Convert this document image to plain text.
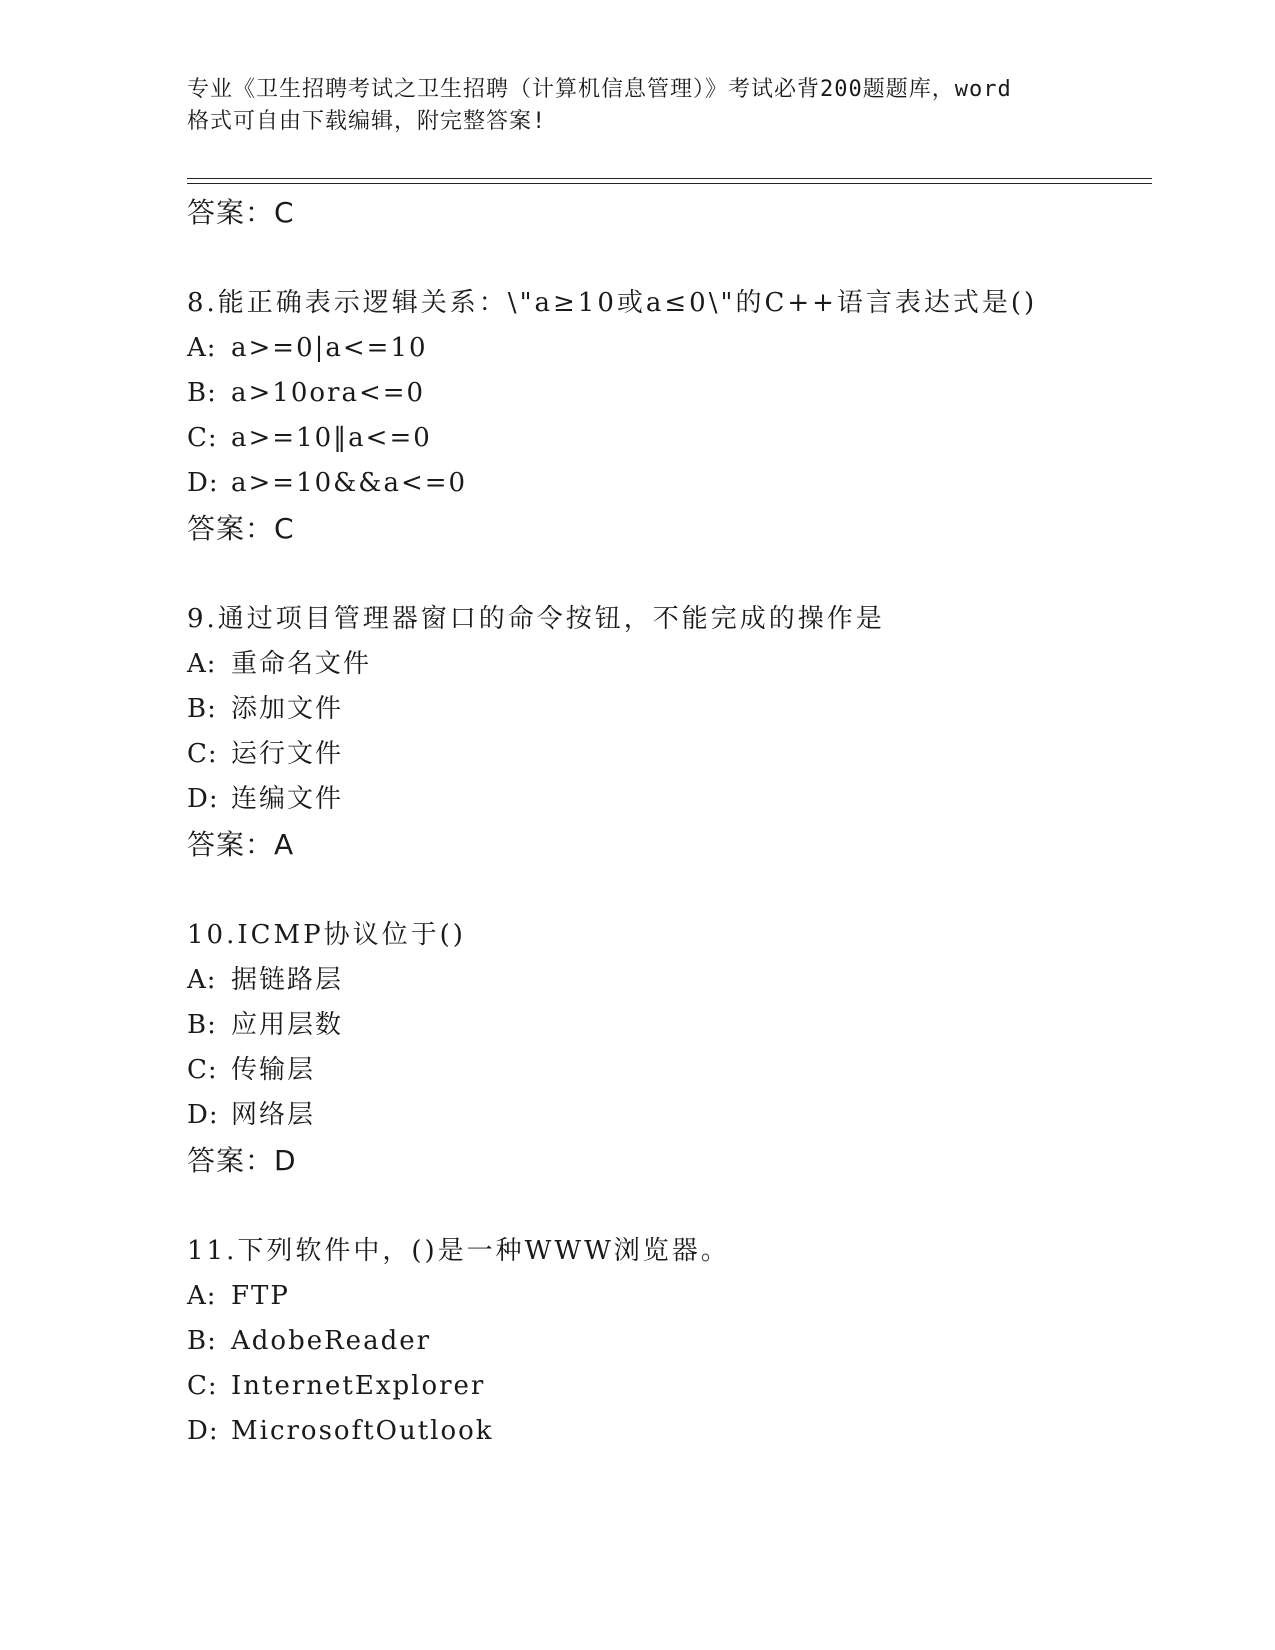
专业《卫生招聘考试之卫生招聘（计算机信息管理）》考试必背200题题库，word
格式可自由下载编辑，附完整答案!
答案：C
8.能正确表示逻辑关系：\"a≥10或a≤0\"的C++语言表达式是()
A: a>=0|a<=10
B: a>10ora<=0
C: a>=10‖a<=0
D: a>=10&&a<=0
答案：C
9.通过项目管理器窗口的命令按钮，不能完成的操作是
A: 重命名文件
B: 添加文件
C: 运行文件
D: 连编文件
答案：A
10.ICMP协议位于()
A: 据链路层
B: 应用层数
C: 传输层
D: 网络层
答案：D
11.下列软件中，()是一种WWW浏览器。
A: FTP
B: AdobeReader
C: InternetExplorer
D: MicrosoftOutlook
